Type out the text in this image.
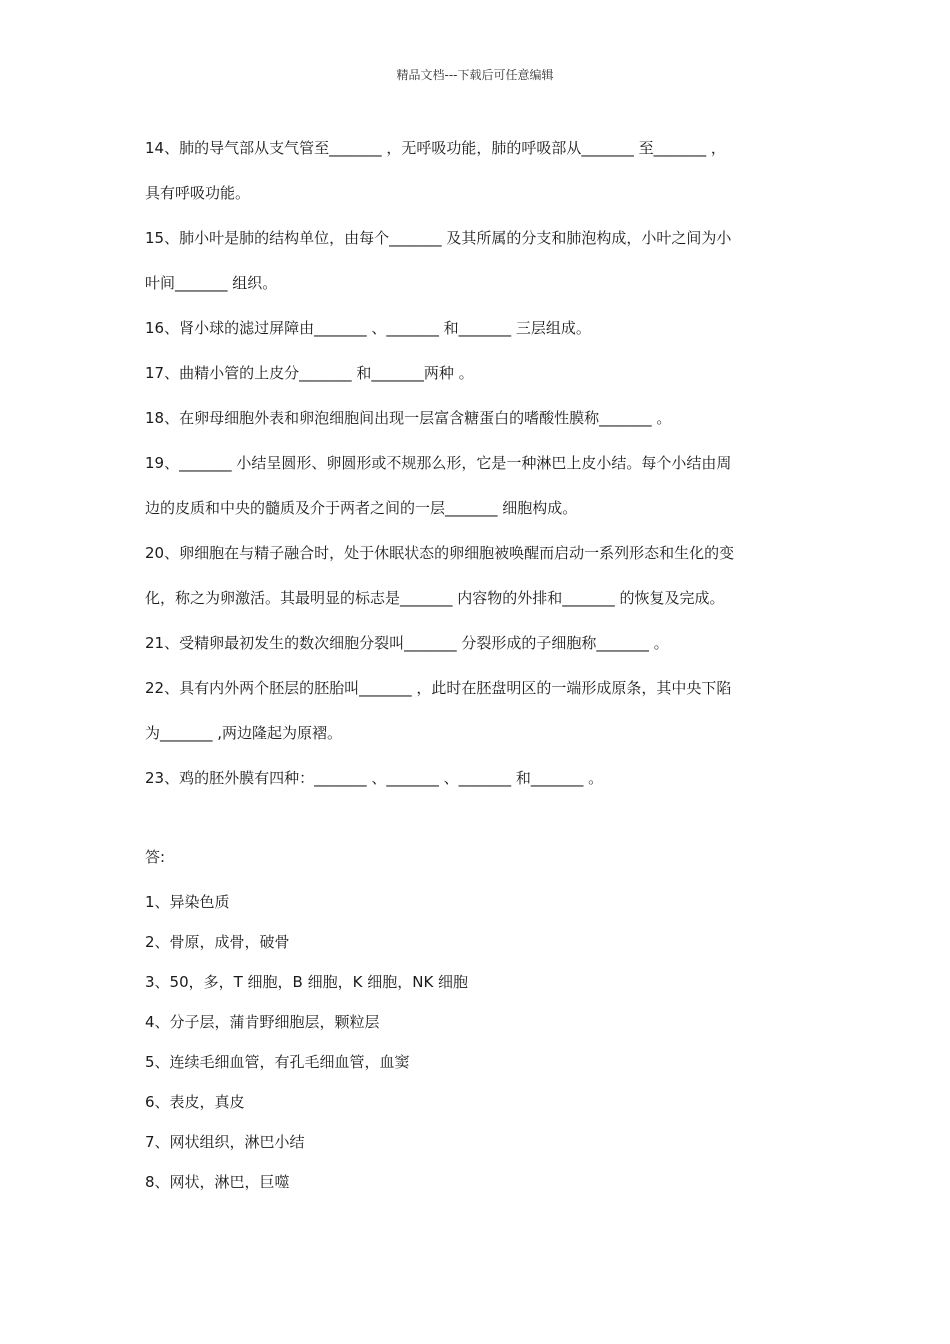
精品文档---下载后可任意编辑
14、肺的导气部从支气管至_______ ，无呼吸功能，肺的呼吸部从_______ 至_______ ，
具有呼吸功能。
15、肺小叶是肺的结构单位，由每个_______ 及其所属的分支和肺泡构成，小叶之间为小
叶间_______ 组织。
16、肾小球的滤过屏障由_______ 、_______ 和_______ 三层组成。
17、曲精小管的上皮分_______ 和_______两种 。
18、在卵母细胞外表和卵泡细胞间出现一层富含糖蛋白的嗜酸性膜称_______ 。
19、_______ 小结呈圆形、卵圆形或不规那么形，它是一种淋巴上皮小结。每个小结由周
边的皮质和中央的髓质及介于两者之间的一层_______ 细胞构成。
20、卵细胞在与精子融合时，处于休眠状态的卵细胞被唤醒而启动一系列形态和生化的变
化，称之为卵激活。其最明显的标志是_______ 内容物的外排和_______ 的恢复及完成。
21、受精卵最初发生的数次细胞分裂叫_______ 分裂形成的子细胞称_______ 。
22、具有内外两个胚层的胚胎叫_______ ，此时在胚盘明区的一端形成原条，其中央下陷
为_______ ,两边隆起为原褶。
23、鸡的胚外膜有四种：_______ 、_______ 、_______ 和_______ 。
答:
1、异染色质
2、骨原，成骨，破骨
3、50，多，T 细胞，B 细胞，K 细胞，NK 细胞
4、分子层，蒲肯野细胞层，颗粒层
5、连续毛细血管，有孔毛细血管，血窦
6、表皮，真皮
7、网状组织，淋巴小结
8、网状，淋巴，巨噬
